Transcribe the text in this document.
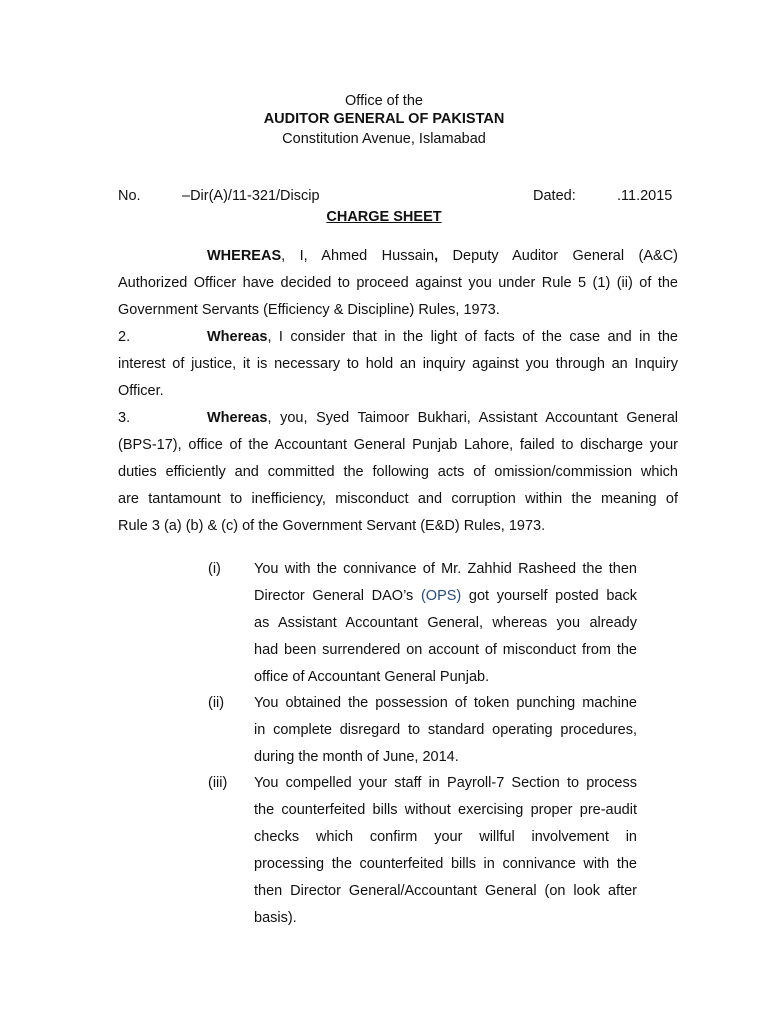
Office of the
AUDITOR GENERAL OF PAKISTAN
Constitution Avenue, Islamabad
No.	–Dir(A)/11-321/Discip	Dated:	.11.2015
CHARGE SHEET
WHEREAS, I, Ahmed Hussain, Deputy Auditor General (A&C)
Authorized Officer have decided to proceed against you under Rule 5 (1) (ii) of the
Government Servants (Efficiency & Discipline) Rules, 1973.
2.	Whereas, I consider that in the light of facts of the case and in the
interest of justice, it is necessary to hold an inquiry against you through an Inquiry
Officer.
3.	Whereas, you, Syed Taimoor Bukhari, Assistant Accountant General
(BPS-17), office of the Accountant General Punjab Lahore, failed to discharge your
duties efficiently and committed the following acts of omission/commission which
are tantamount to inefficiency, misconduct and corruption within the meaning of
Rule 3 (a) (b) & (c) of the Government Servant (E&D) Rules, 1973.
(i) You with the connivance of Mr. Zahhid Rasheed the then
Director General DAO’s (OPS) got yourself posted back
as Assistant Accountant General, whereas you already
had been surrendered on account of misconduct from the
office of Accountant General Punjab.
(ii) You obtained the possession of token punching machine
in complete disregard to standard operating procedures,
during the month of June, 2014.
(iii) You compelled your staff in Payroll-7 Section to process
the counterfeited bills without exercising proper pre-audit
checks which confirm your willful involvement in
processing the counterfeited bills in connivance with the
then Director General/Accountant General (on look after
basis).
